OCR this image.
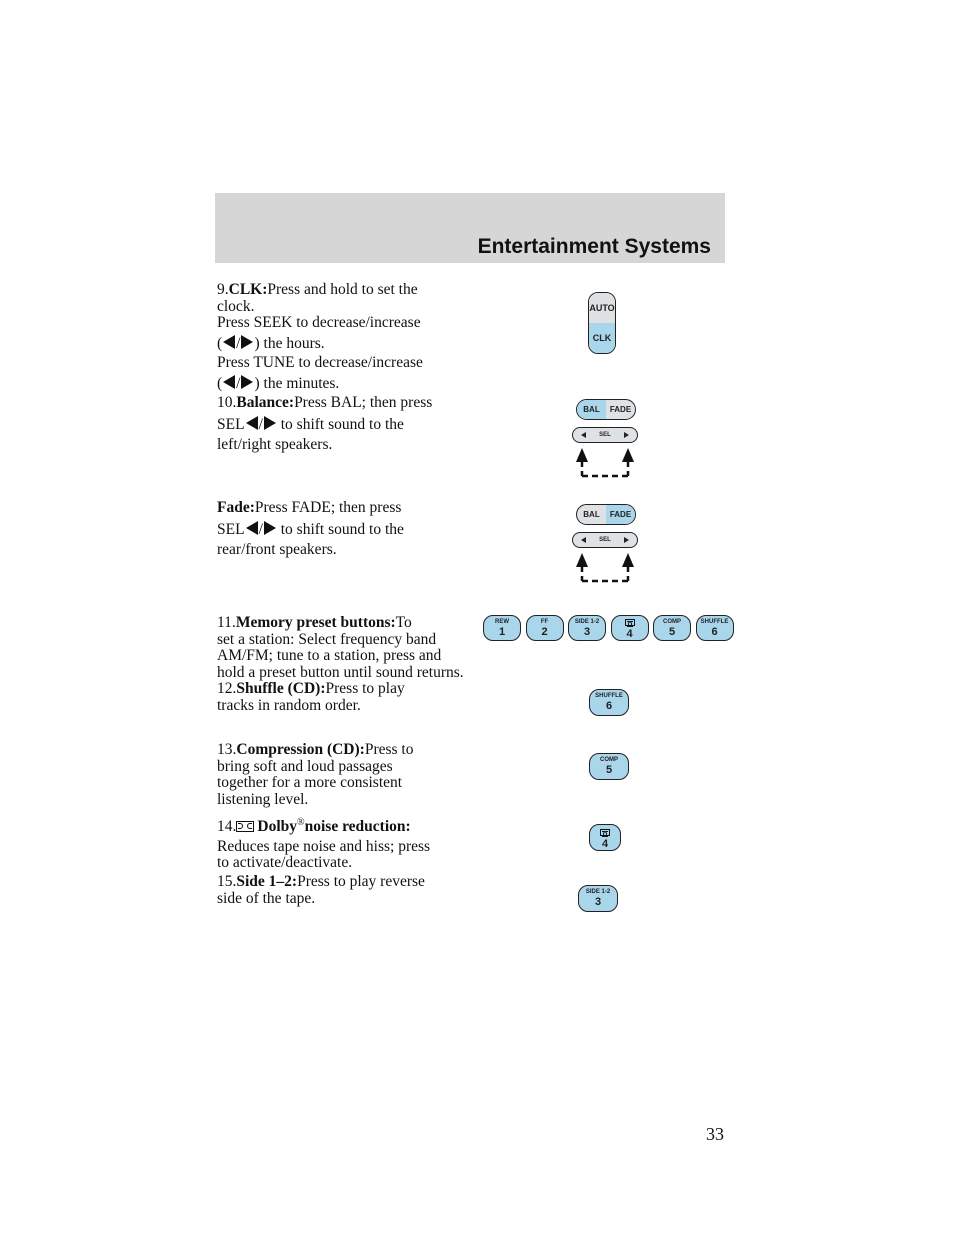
Entertainment Systems
9.CLK:Press and hold to set the
clock.
Press SEEK to decrease/increase
( / ) the hours.
Press TUNE to decrease/increase
( / ) the minutes.
AUTO
CLK
10.Balance:Press BAL; then press
SEL / to shift sound to the
left/right speakers.
BAL	FADE
SEL
Fade:Press FADE; then press
SEL / to shift sound to the
rear/front speakers.
BAL	FADE
SEL
11.Memory preset buttons:To
set a station: Select frequency band
AM/FM; tune to a station, press and
hold a preset button until sound returns.
REW
1
FF
2
SIDE 1-2
3	4
COMP
5
SHUFFLE
6
12.Shuffle (CD):Press to play
tracks in random order.
SHUFFLE
6
13.Compression (CD):Press to
bring soft and loud passages
together for a more consistent
listening level.
COMP
5
14. Dolby®noise reduction:
Reduces tape noise and hiss; press
to activate/deactivate.
4
15.Side 1–2:Press to play reverse
side of the tape.	SIDE 1-2
3
33
